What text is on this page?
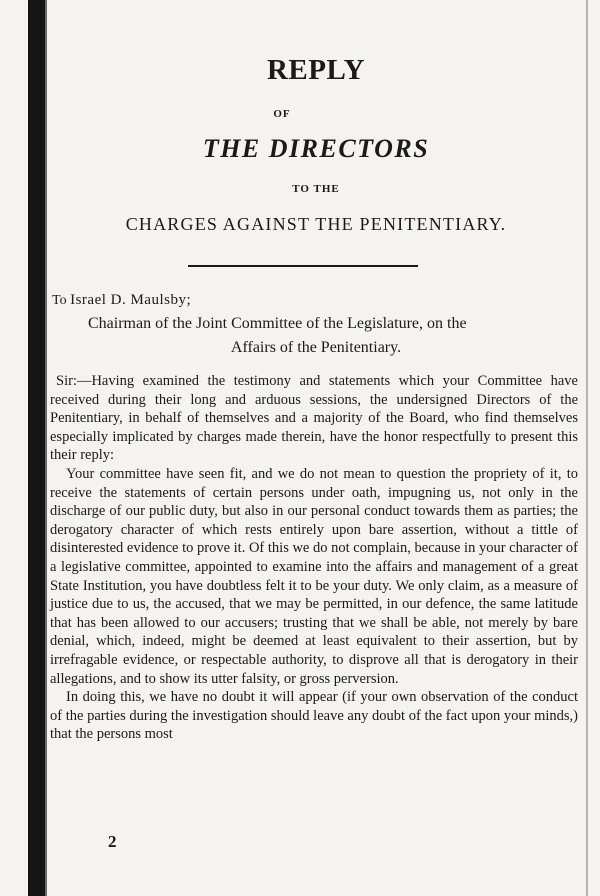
REPLY
OF
THE DIRECTORS
TO THE
CHARGES AGAINST THE PENITENTIARY.
To Israel D. Maulsby;
Chairman of the Joint Committee of the Legislature, on the
Affairs of the Penitentiary.

Sir:—Having examined the testimony and statements which your Committee have received during their long and arduous sessions, the undersigned Directors of the Penitentiary, in behalf of themselves and a majority of the Board, who find themselves especially implicated by charges made therein, have the honor respectfully to present this their reply:

Your committee have seen fit, and we do not mean to question the propriety of it, to receive the statements of certain persons under oath, impugning us, not only in the discharge of our public duty, but also in our personal conduct towards them as parties; the derogatory character of which rests entirely upon bare assertion, without a tittle of disinterested evidence to prove it. Of this we do not complain, because in your character of a legislative committee, appointed to examine into the affairs and management of a great State Institution, you have doubtless felt it to be your duty. We only claim, as a measure of justice due to us, the accused, that we may be permitted, in our defence, the same latitude that has been allowed to our accusers; trusting that we shall be able, not merely by bare denial, which, indeed, might be deemed at least equivalent to their assertion, but by irrefragable evidence, or respectable authority, to disprove all that is derogatory in their allegations, and to show its utter falsity, or gross perversion.

In doing this, we have no doubt it will appear (if your own observation of the conduct of the parties during the investigation should leave any doubt of the fact upon your minds,) that the persons most

2
